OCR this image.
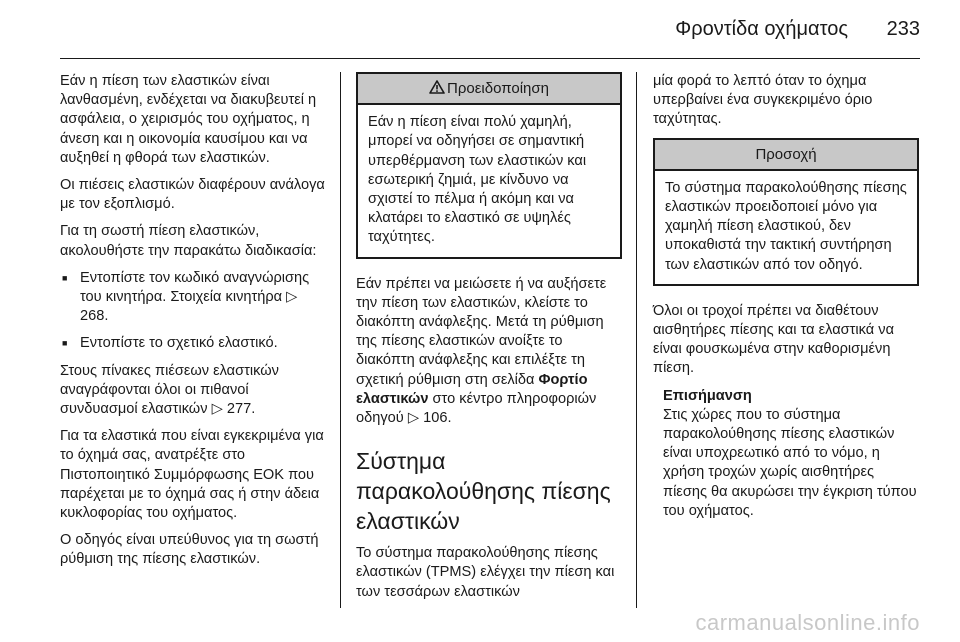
Φροντίδα οχήματος 233

Εάν η πίεση των ελαστικών είναι λανθασμένη, ενδέχεται να διακυβευτεί η ασφάλεια, ο χειρισμός του οχήματος, η άνεση και η οικονομία καυσίμου και να αυξηθεί η φθορά των ελαστικών.

Οι πιέσεις ελαστικών διαφέρουν ανάλογα με τον εξοπλισμό.

Για τη σωστή πίεση ελαστικών, ακολουθήστε την παρακάτω διαδικασία:

■ Εντοπίστε τον κωδικό αναγνώρισης του κινητήρα. Στοιχεία κινητήρα ▷ 268.
■ Εντοπίστε το σχετικό ελαστικό.

Στους πίνακες πιέσεων ελαστικών αναγράφονται όλοι οι πιθανοί συνδυασμοί ελαστικών ▷ 277.

Για τα ελαστικά που είναι εγκεκριμένα για το όχημά σας, ανατρέξτε στο Πιστοποιητικό Συμμόρφωσης ΕΟΚ που παρέχεται με το όχημά σας ή στην άδεια κυκλοφορίας του οχήματος.

Ο οδηγός είναι υπεύθυνος για τη σωστή ρύθμιση της πίεσης ελαστικών.

Προειδοποίηση
Εάν η πίεση είναι πολύ χαμηλή, μπορεί να οδηγήσει σε σημαντική υπερθέρμανση των ελαστικών και εσωτερική ζημιά, με κίνδυνο να σχιστεί το πέλμα ή ακόμη και να κλατάρει το ελαστικό σε υψηλές ταχύτητες.

Εάν πρέπει να μειώσετε ή να αυξήσετε την πίεση των ελαστικών, κλείστε το διακόπτη ανάφλεξης. Μετά τη ρύθμιση της πίεσης ελαστικών ανοίξτε το διακόπτη ανάφλεξης και επιλέξτε τη σχετική ρύθμιση στη σελίδα Φορτίο ελαστικών στο κέντρο πληροφοριών οδηγού ▷ 106.

Σύστημα παρακολούθησης πίεσης ελαστικών

Το σύστημα παρακολούθησης πίεσης ελαστικών (TPMS) ελέγχει την πίεση και των τεσσάρων ελαστικών

μία φορά το λεπτό όταν το όχημα υπερβαίνει ένα συγκεκριμένο όριο ταχύτητας.

Προσοχή
Το σύστημα παρακολούθησης πίεσης ελαστικών προειδοποιεί μόνο για χαμηλή πίεση ελαστικού, δεν υποκαθιστά την τακτική συντήρηση των ελαστικών από τον οδηγό.

Όλοι οι τροχοί πρέπει να διαθέτουν αισθητήρες πίεσης και τα ελαστικά να είναι φουσκωμένα στην καθορισμένη πίεση.

Επισήμανση
Στις χώρες που το σύστημα παρακολούθησης πίεσης ελαστικών είναι υποχρεωτικό από το νόμο, η χρήση τροχών χωρίς αισθητήρες πίεσης θα ακυρώσει την έγκριση τύπου του οχήματος.
carmanualsonline.info
